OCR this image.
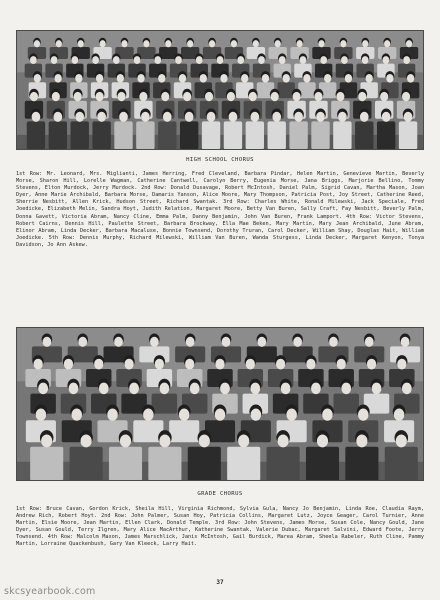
HIGH SCHOOL CHORUS

1st Row: Mr. Leonard, Mrs. Miglianti, James Herring, Fred Cleveland, Barbara Pindar, Helen Martin, Genevieve Martin, Beverly Morse, Sharon Hill, Lorelle Wagman, Catherine Cantwell, Carolyn Berry, Eugenia Morse, Jana Briggs, Marjorie Bellino, Tommy Stevens, Elton Murdock, Jerry Murdock. 2nd Row: Donald Dusavage, Robert McIntosh, Daniel Palm, Sigrid Cavan, Martha Mason, Joan Dyer, Anne Marie Archibald, Barbara Morse, Damaris Yanson, Alice Moore, Mary Thompson, Patricia Post, Joy Street, Catherine Reed, Sherrie Nesbitt, Allen Krick, Hudson Street, Richard Swantak. 3rd Row: Charles White, Ronald Milewski, Jack Speciale, Fred Joedicke, Elizabeth Melin, Sandra Hoyt, Judith Relation, Margaret Moore, Betty Van Buren, Sally Craft, Fay Nesbitt, Beverly Palm, Donna Gavett, Victoria Abram, Nancy Cline, Emma Palm, Danny Benjamin, John Van Buren, Frank Lamport. 4th Row: Victor Stevens, Robert Cairns, Dennis Hill, Paulette Street, Barbara Brockway, Ella Mae Beken, Mary Martin, Mary Jean Archibald, June Abram, Elinor Abram, Linda Decker, Barbara Macaluse, Bonnie Townsend, Dorothy Truran, Carol Decker, William Shay, Douglas Hait, William Joedicke. 5th Row: Dennis Murphy, Richard Milewski, William Van Buren, Wanda Sturgess, Linda Decker, Margaret Kenyon, Tonya Davidson, Jo Ann Askew.

GRADE CHORUS

1st Row: Bruce Cavan, Gordon Krick, Sheila Hill, Virginia Richmond, Sylvia Gula, Nancy Jo Benjamin, Linda Roe, Claudia Raym, Andrew Rich, Robert Hoyt. 2nd Row: John Palmer, Susan Hoy, Patricia Collins, Margaret Lutz, Joyce Geager, Carol Turnier, Anne Martin, Elsie Moore, Jean Martin, Ellen Clark, Donald Temple. 3rd Row: John Stevens, James Morse, Susan Cole, Nancy Gould, Jane Dyer, Susan Gould, Terry Ilgren, Mary Alice MacArthur, Katherine Swantak, Valerie Dubac, Margaret Salvini, Edward Foote, Jerry Townsend. 4th Row: Malcolm Maxon, James Marschlick, Janis McIntosh, Gail Burdick, Marea Abram, Sheela Rabeler, Ruth Cline, Pammy Martin, Lorraine Quackenbush, Gary Van Kleeck, Larry Hait.

37
skcsyearbook.com
